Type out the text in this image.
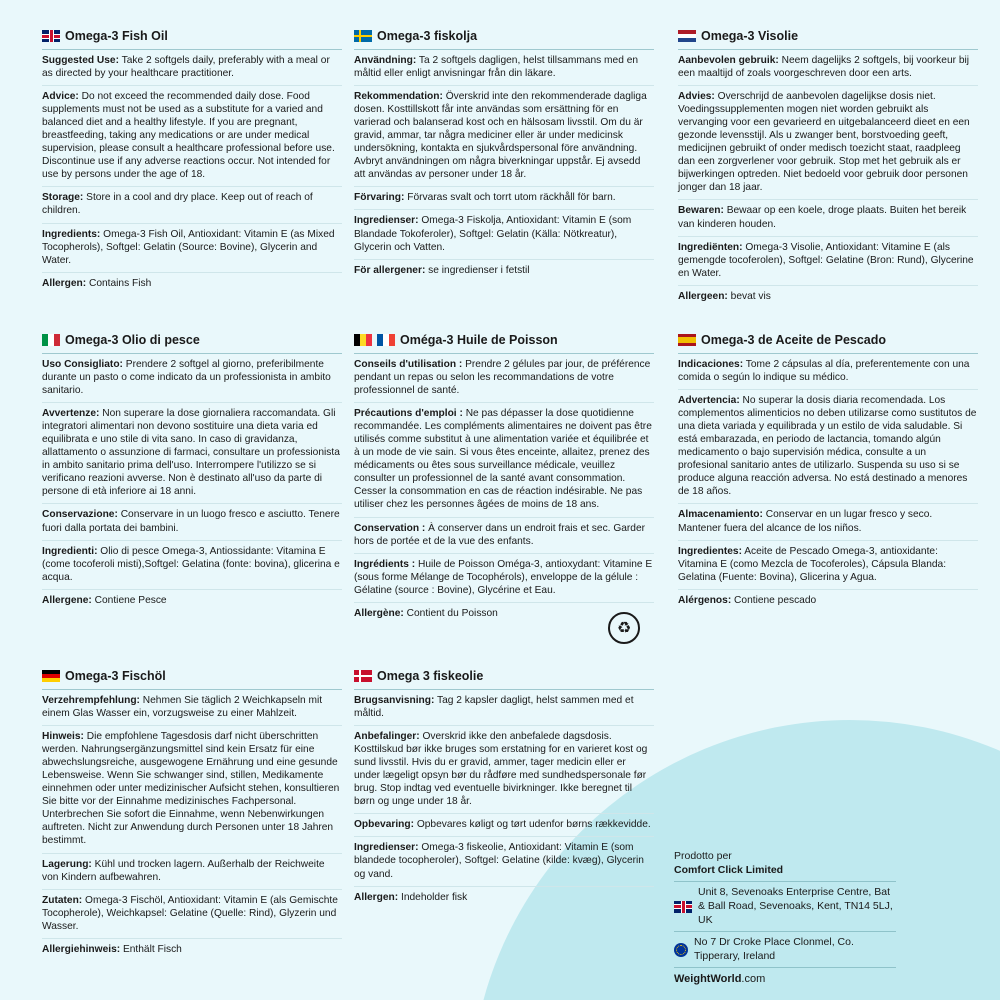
Omega-3 Fish Oil
Suggested Use: Take 2 softgels daily, preferably with a meal or as directed by your healthcare practitioner.
Advice: Do not exceed the recommended daily dose. Food supplements must not be used as a substitute for a varied and balanced diet and a healthy lifestyle. If you are pregnant, breastfeeding, taking any medications or are under medical supervision, please consult a healthcare professional before use. Discontinue use if any adverse reactions occur. Not intended for use by persons under the age of 18.
Storage: Store in a cool and dry place. Keep out of reach of children.
Ingredients: Omega-3 Fish Oil, Antioxidant: Vitamin E (as Mixed Tocopherols), Softgel: Gelatin (Source: Bovine), Glycerin and Water.
Allergen: Contains Fish
Omega-3 fiskolja
Användning: Ta 2 softgels dagligen, helst tillsammans med en måltid eller enligt anvisningar från din läkare.
Rekommendation: Överskrid inte den rekommenderade dagliga dosen. Kosttillskott får inte användas som ersättning för en varierad och balanserad kost och en hälsosam livsstil. Om du är gravid, ammar, tar några mediciner eller är under medicinsk undersökning, kontakta en sjukvårdspersonal före användning. Avbryt användningen om några biverkningar uppstår. Ej avsedd att användas av personer under 18 år.
Förvaring: Förvaras svalt och torrt utom räckhåll för barn.
Ingredienser: Omega-3 Fiskolja, Antioxidant: Vitamin E (som Blandade Tokoferoler), Softgel: Gelatin (Källa: Nötkreatur), Glycerin och Vatten.
För allergener: se ingredienser i fetstil
Omega-3 Visolie
Aanbevolen gebruik: Neem dagelijks 2 softgels, bij voorkeur bij een maaltijd of zoals voorgeschreven door een arts.
Advies: Overschrijd de aanbevolen dagelijkse dosis niet. Voedingssupplementen mogen niet worden gebruikt als vervanging voor een gevarieerd en uitgebalanceerd dieet en een gezonde levensstijl. Als u zwanger bent, borstvoeding geeft, medicijnen gebruikt of onder medisch toezicht staat, raadpleeg dan een zorgverlener voor gebruik. Stop met het gebruik als er bijwerkingen optreden. Niet bedoeld voor gebruik door personen jonger dan 18 jaar.
Bewaren: Bewaar op een koele, droge plaats. Buiten het bereik van kinderen houden.
Ingrediënten: Omega-3 Visolie, Antioxidant: Vitamine E (als gemengde tocoferolen), Softgel: Gelatine (Bron: Rund), Glycerine en Water.
Allergeen: bevat vis
Omega-3 Olio di pesce
Uso Consigliato: Prendere 2 softgel al giorno, preferibilmente durante un pasto o come indicato da un professionista in ambito sanitario.
Avvertenze: Non superare la dose giornaliera raccomandata. Gli integratori alimentari non devono sostituire una dieta varia ed equilibrata e uno stile di vita sano. In caso di gravidanza, allattamento o assunzione di farmaci, consultare un professionista in ambito sanitario prima dell'uso. Interrompere l'utilizzo se si verificano reazioni avverse. Non è destinato all'uso da parte di persone di età inferiore ai 18 anni.
Conservazione: Conservare in un luogo fresco e asciutto. Tenere fuori dalla portata dei bambini.
Ingredienti: Olio di pesce Omega-3, Antiossidante: Vitamina E (come tocoferoli misti),Softgel: Gelatina (fonte: bovina), glicerina e acqua.
Allergene: Contiene Pesce
Oméga-3 Huile de Poisson
Conseils d'utilisation : Prendre 2 gélules par jour, de préférence pendant un repas ou selon les recommandations de votre professionnel de santé.
Précautions d'emploi : Ne pas dépasser la dose quotidienne recommandée. Les compléments alimentaires ne doivent pas être utilisés comme substitut à une alimentation variée et équilibrée et à un mode de vie sain. Si vous êtes enceinte, allaitez, prenez des médicaments ou êtes sous surveillance médicale, veuillez consulter un professionnel de la santé avant consommation. Cesser la consommation en cas de réaction indésirable. Ne pas utiliser chez les personnes âgées de moins de 18 ans.
Conservation : À conserver dans un endroit frais et sec. Garder hors de portée et de la vue des enfants.
Ingrédients : Huile de Poisson Oméga-3, antioxydant: Vitamine E (sous forme Mélange de Tocophérols), enveloppe de la gélule : Gélatine (source : Bovine), Glycérine et Eau.
Allergène: Contient du Poisson
Omega-3 de Aceite de Pescado
Indicaciones: Tome 2 cápsulas al día, preferentemente con una comida o según lo indique su médico.
Advertencia: No superar la dosis diaria recomendada. Los complementos alimenticios no deben utilizarse como sustitutos de una dieta variada y equilibrada y un estilo de vida saludable. Si está embarazada, en periodo de lactancia, tomando algún medicamento o bajo supervisión médica, consulte a un profesional sanitario antes de utilizarlo. Suspenda su uso si se produce alguna reacción adversa. No está destinado a menores de 18 años.
Almacenamiento: Conservar en un lugar fresco y seco. Mantener fuera del alcance de los niños.
Ingredientes: Aceite de Pescado Omega-3, antioxidante: Vitamina E (como Mezcla de Tocoferoles), Cápsula Blanda: Gelatina (Fuente: Bovina), Glicerina y Agua.
Alérgenos: Contiene pescado
Omega-3 Fischöl
Verzehrempfehlung: Nehmen Sie täglich 2 Weichkapseln mit einem Glas Wasser ein, vorzugsweise zu einer Mahlzeit.
Hinweis: Die empfohlene Tagesdosis darf nicht überschritten werden. Nahrungsergänzungsmittel sind kein Ersatz für eine abwechslungsreiche, ausgewogene Ernährung und eine gesunde Lebensweise. Wenn Sie schwanger sind, stillen, Medikamente einnehmen oder unter medizinischer Aufsicht stehen, konsultieren Sie bitte vor der Einnahme medizinisches Fachpersonal. Unterbrechen Sie sofort die Einnahme, wenn Nebenwirkungen auftreten. Nicht zur Anwendung durch Personen unter 18 Jahren bestimmt.
Lagerung: Kühl und trocken lagern. Außerhalb der Reichweite von Kindern aufbewahren.
Zutaten: Omega-3 Fischöl, Antioxidant: Vitamin E (als Gemischte Tocopherole), Weichkapsel: Gelatine (Quelle: Rind), Glyzerin und Wasser.
Allergiehinweis: Enthält Fisch
Omega 3 fiskeolie
Brugsanvisning: Tag 2 kapsler dagligt, helst sammen med et måltid.
Anbefalinger: Overskrid ikke den anbefalede dagsdosis. Kosttilskud bør ikke bruges som erstatning for en varieret kost og sund livsstil. Hvis du er gravid, ammer, tager medicin eller er under lægeligt opsyn bør du rådføre med sundhedspersonale før brug. Stop indtag ved eventuelle bivirkninger. Ikke beregnet til børn og unge under 18 år.
Opbevaring: Opbevares køligt og tørt udenfor børns rækkevidde.
Ingredienser: Omega-3 fiskeolie, Antioxidant: Vitamin E (som blandede tocopheroler), Softgel: Gelatine (kilde: kvæg), Glycerin og vand.
Allergen: Indeholder fisk
♻
Prodotto per
Comfort Click Limited
Unit 8, Sevenoaks Enterprise Centre, Bat & Ball Road, Sevenoaks, Kent, TN14 5LJ, UK
No 7 Dr Croke Place Clonmel, Co. Tipperary, Ireland
WeightWorld.com
